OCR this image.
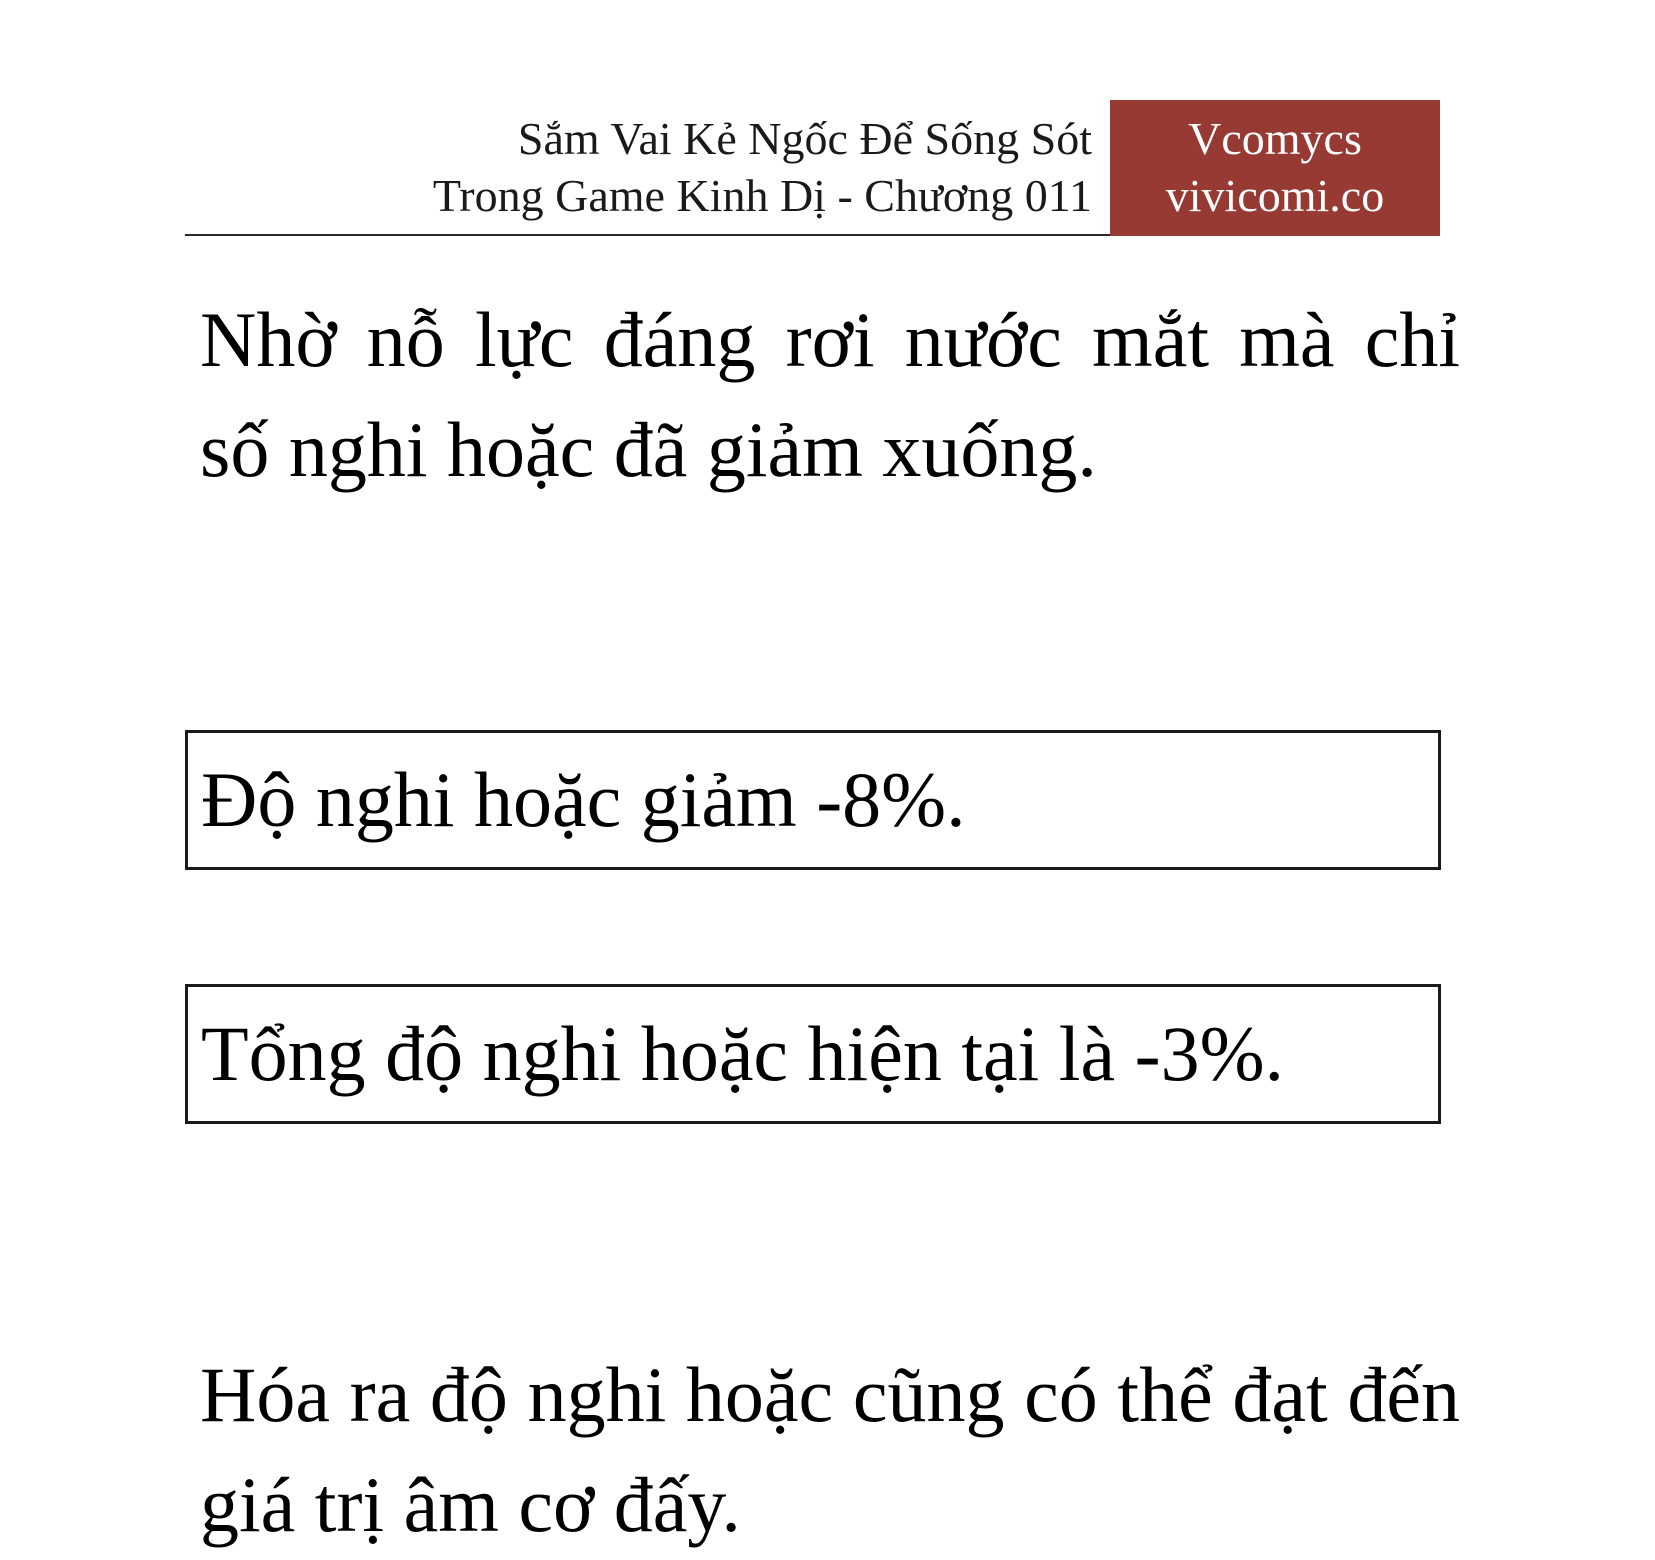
Sắm Vai Kẻ Ngốc Để Sống Sót
Trong Game Kinh Dị - Chương 011
Vcomycs
vivicomi.co
Nhờ nỗ lực đáng rơi nước mắt mà chỉ số nghi hoặc đã giảm xuống.
Độ nghi hoặc giảm -8%.
Tổng độ nghi hoặc hiện tại là -3%.
Hóa ra độ nghi hoặc cũng có thể đạt đến giá trị âm cơ đấy.
